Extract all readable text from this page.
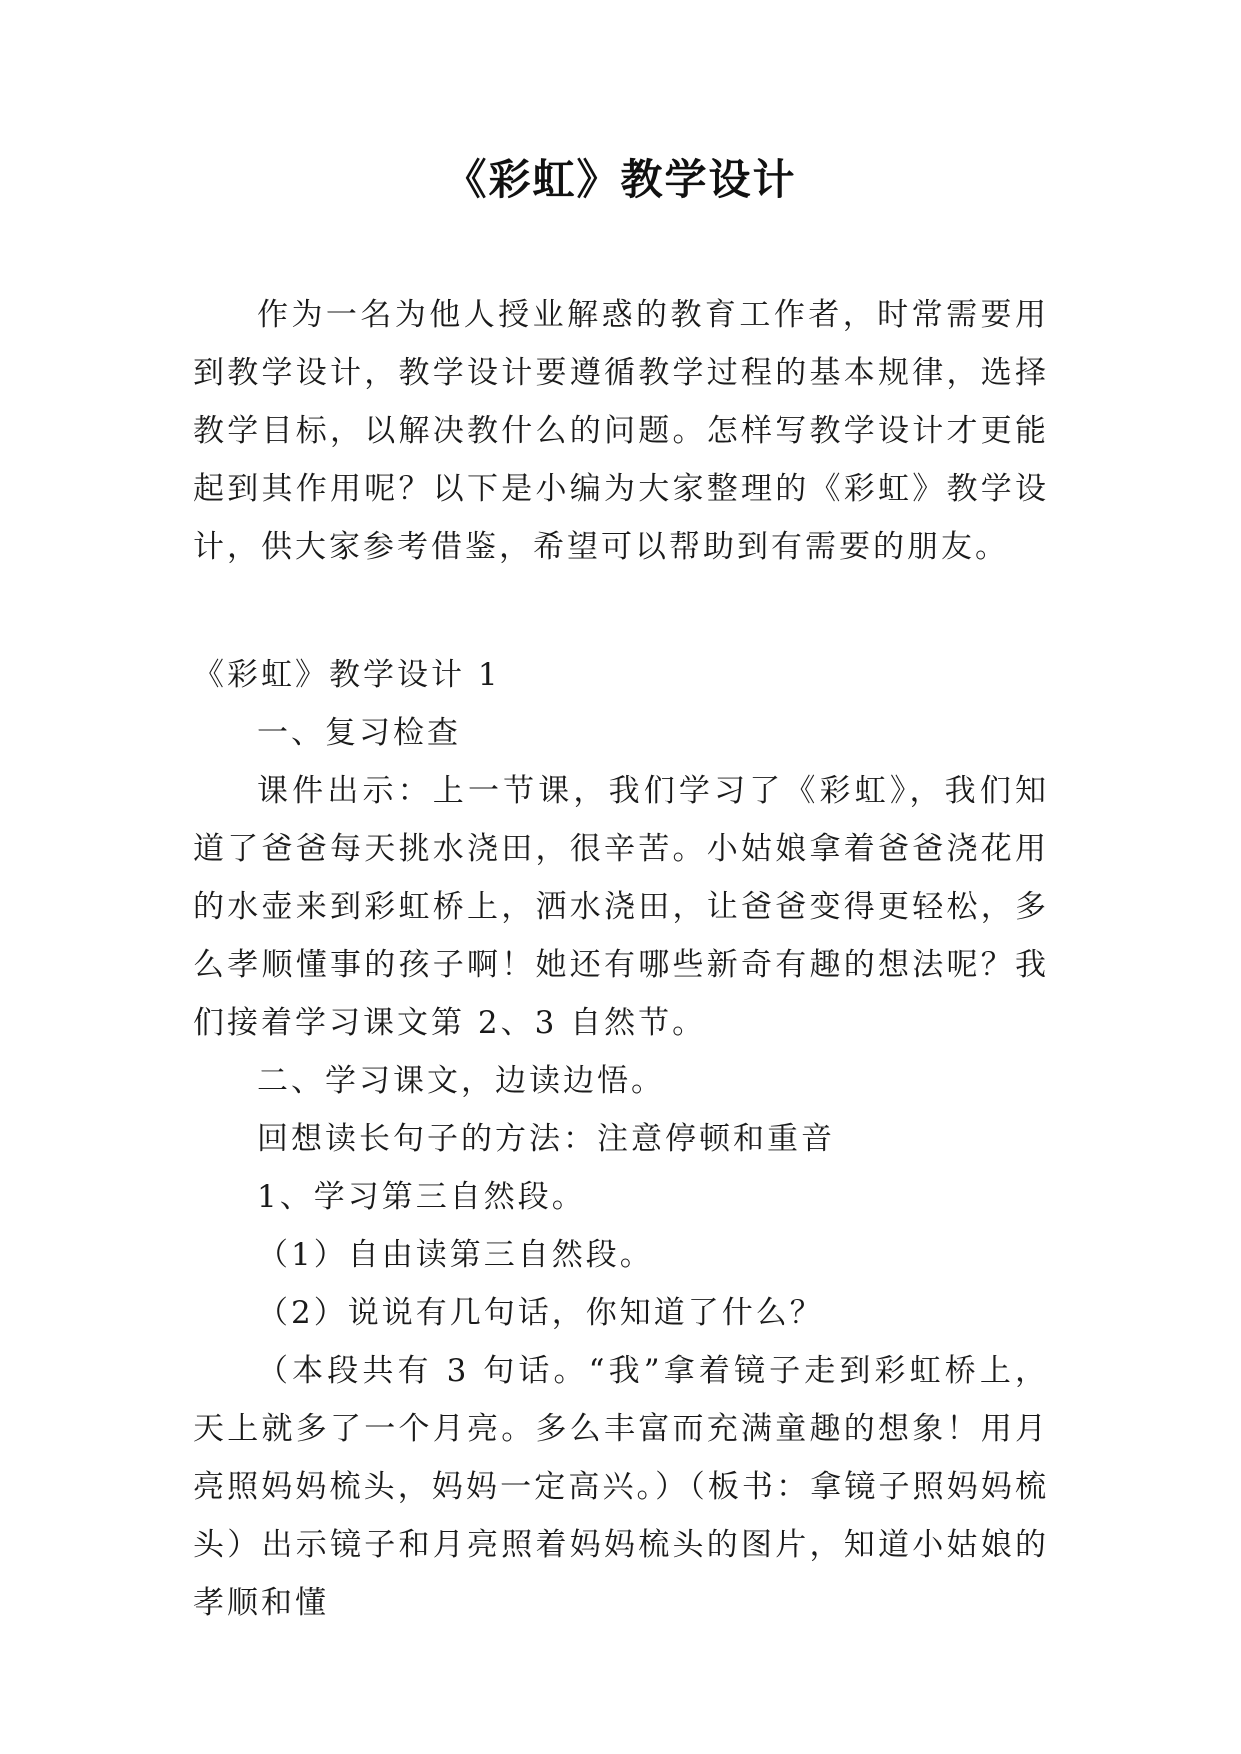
《彩虹》教学设计

作为一名为他人授业解惑的教育工作者，时常需要用到教学设计，教学设计要遵循教学过程的基本规律，选择教学目标，以解决教什么的问题。怎样写教学设计才更能起到其作用呢？以下是小编为大家整理的《彩虹》教学设计，供大家参考借鉴，希望可以帮助到有需要的朋友。

《彩虹》教学设计 1

一、复习检查

课件出示：上一节课，我们学习了《彩虹》，我们知道了爸爸每天挑水浇田，很辛苦。小姑娘拿着爸爸浇花用的水壶来到彩虹桥上，洒水浇田，让爸爸变得更轻松，多么孝顺懂事的孩子啊！她还有哪些新奇有趣的想法呢？我们接着学习课文第 2、3 自然节。

二、学习课文，边读边悟。

回想读长句子的方法：注意停顿和重音

1、学习第三自然段。

（1）自由读第三自然段。

（2）说说有几句话，你知道了什么？

（本段共有 3 句话。“我”拿着镜子走到彩虹桥上，天上就多了一个月亮。多么丰富而充满童趣的想象！用月亮照妈妈梳头，妈妈一定高兴。）（板书：拿镜子照妈妈梳头）出示镜子和月亮照着妈妈梳头的图片，知道小姑娘的孝顺和懂
